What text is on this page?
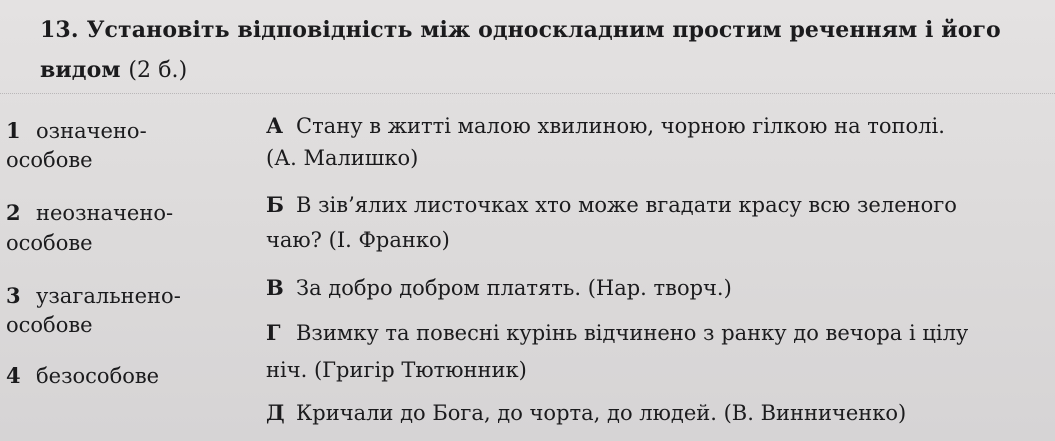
13. Установіть відповідність між односкладним простим реченням і його видом (2 б.)
1 означено-
особове
2 неозначено-
особове
3 узагальнено-
особове
4 безособове
А Стану в житті малою хвилиною, чорною гілкою на тополі.
(А. Малишко)
Б В зів’ялих листочках хто може вгадати красу всю зеленого
чаю? (І. Франко)
В За добро добром платять. (Нар. творч.)
Г Взимку та повесні курінь відчинено з ранку до вечора і цілу
ніч. (Григір Тютюнник)
Д Кричали до Бога, до чорта, до людей. (В. Винниченко)
